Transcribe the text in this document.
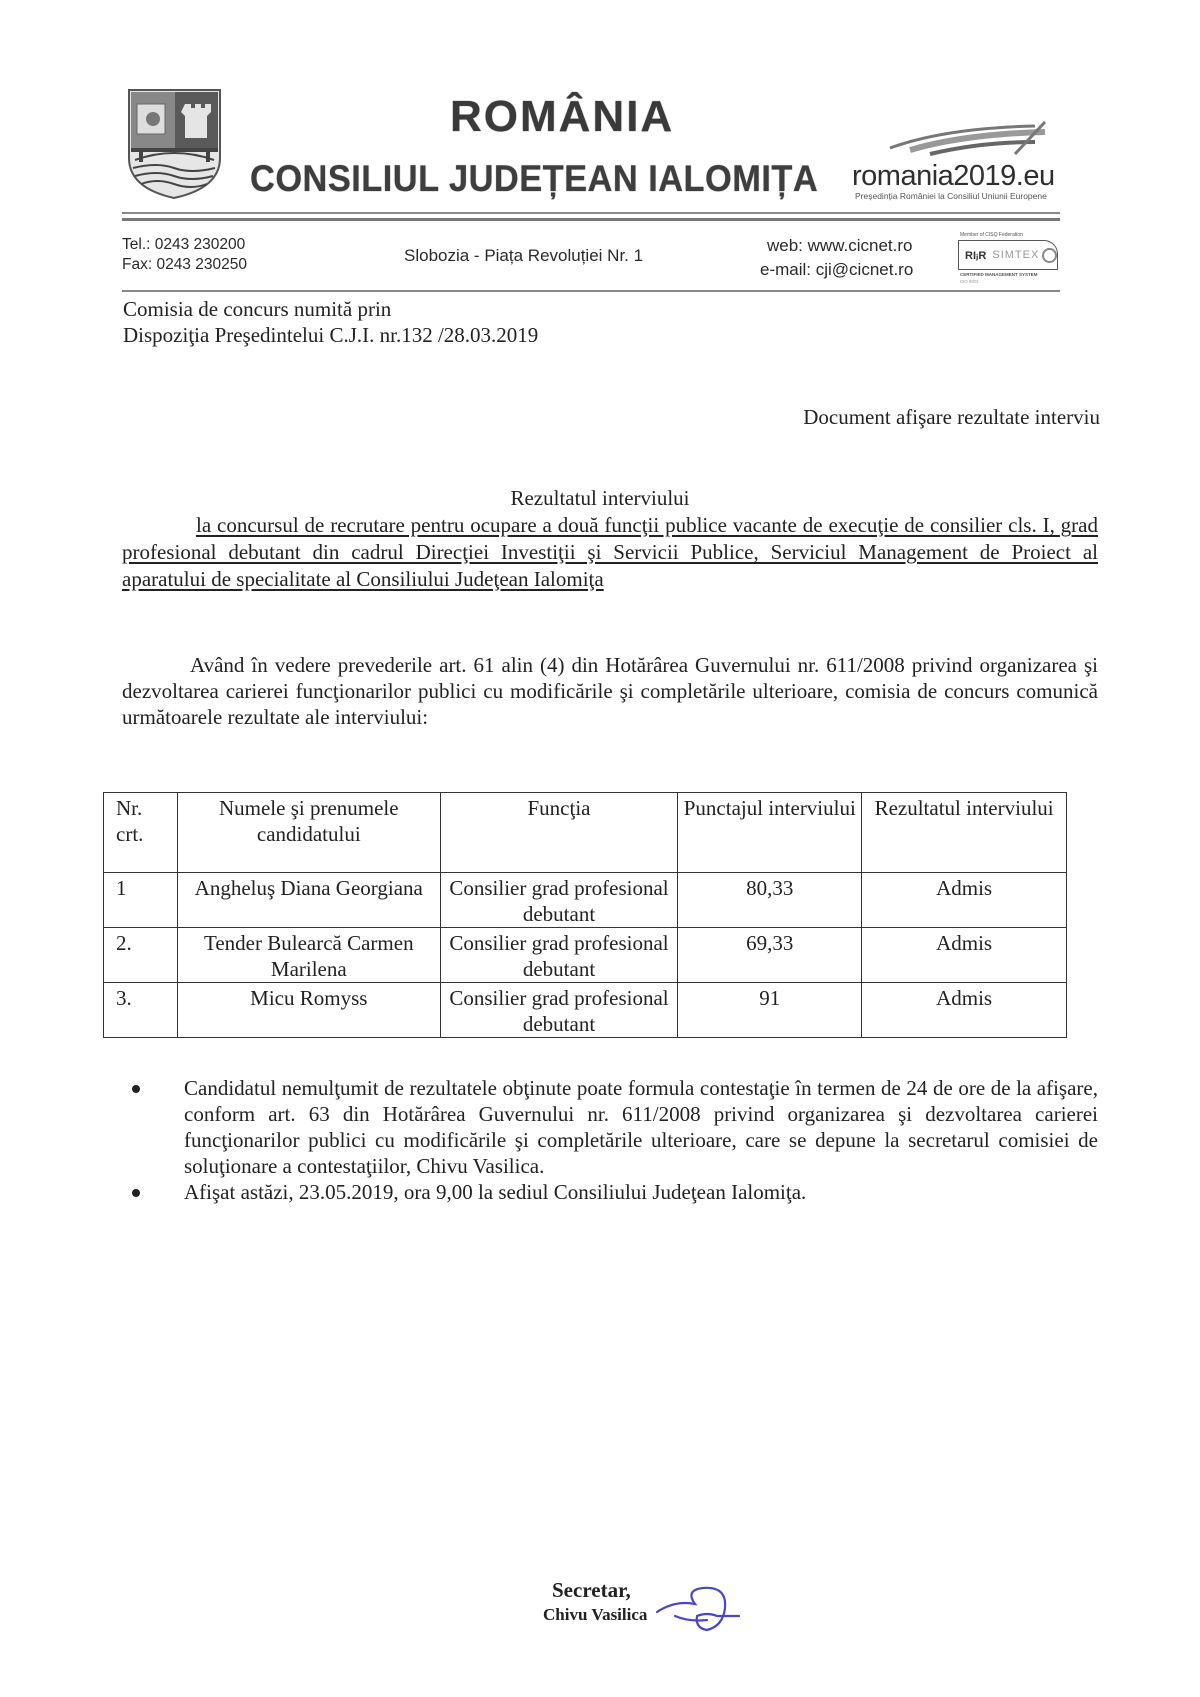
ROMÂNIA
CONSILIUL JUDEȚEAN IALOMIȚA romania2019.eu
Președinția României la Consiliul Uniunii Europene
Tel.: 0243 230200
Fax: 0243 230250	Slobozia - Piața Revoluției Nr. 1
web: www.cicnet.ro
e-mail: cji@cicnet.ro
Member of CISQ Federation
RIⱼR SIMTEX
CERTIFIED MANAGEMENT SYSTEM
ISO 9001
Comisia de concurs numită prin
Dispoziţia Preşedintelui C.J.I. nr.132 /28.03.2019
Document afişare rezultate interviu
Rezultatul interviului
la concursul de recrutare pentru ocupare a două funcţii publice vacante de execuţie de consilier cls. I, grad profesional debutant din cadrul Direcţiei Investiţii şi Servicii Publice, Serviciul Management de Proiect al aparatului de specialitate al Consiliului Judeţean Ialomiţa
Având în vedere prevederile art. 61 alin (4) din Hotărârea Guvernului nr. 611/2008 privind organizarea şi dezvoltarea carierei funcţionarilor publici cu modificările şi completările ulterioare, comisia de concurs comunică următoarele rezultate ale interviului:
Nr. crt.	Numele şi prenumele candidatului	Funcţia	Punctajul interviului	Rezultatul interviului
1	Angheluş Diana Georgiana	Consilier grad profesional debutant	80,33	Admis
2.	Tender Bulearcă Carmen Marilena	Consilier grad profesional debutant	69,33	Admis
3.	Micu Romyss	Consilier grad profesional debutant	91	Admis
Candidatul nemulţumit de rezultatele obţinute poate formula contestaţie în termen de 24 de ore de la afişare, conform art. 63 din Hotărârea Guvernului nr. 611/2008 privind organizarea şi dezvoltarea carierei funcţionarilor publici cu modificările şi completările ulterioare, care se depune la secretarul comisiei de soluţionare a contestaţiilor, Chivu Vasilica.
Afişat astăzi, 23.05.2019, ora 9,00 la sediul Consiliului Judeţean Ialomiţa.
Secretar,
Chivu Vasilica
